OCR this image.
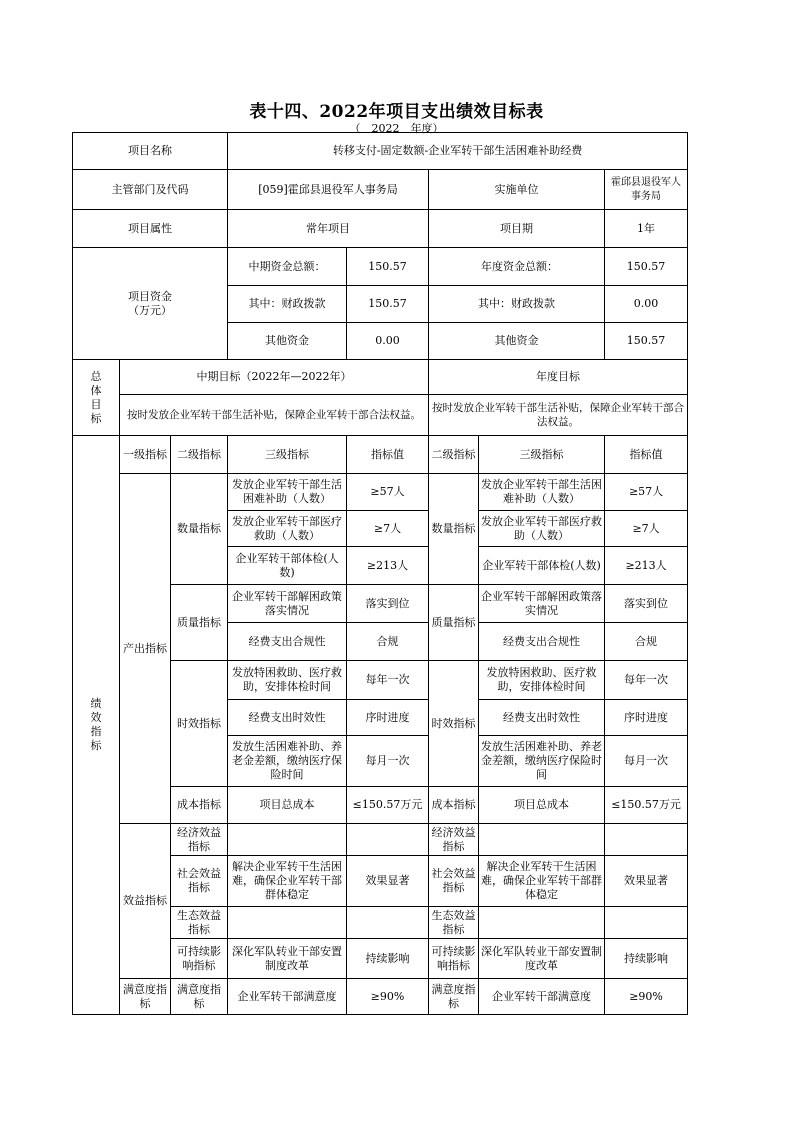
表十四、2022年项目支出绩效目标表
（　2022　年度）
项目名称			转移支付-固定数额-企业军转干部生活困难补助经费				
主管部门及代码			[059]霍邱县退役军人事务局		实施单位		霍邱县退役军人事务局
项目属性			常年项目		项目期		1年
项目资金
（万元）			中期资金总额：	150.57	年度资金总额：		150.57
			其中：财政拨款	150.57	其中：财政拨款		0.00
			其他资金	0.00	其他资金		150.57
总体目标	中期目标（2022年—2022年）				年度目标		
	按时发放企业军转干部生活补贴，保障企业军转干部合法权益。				按时发放企业军转干部生活补贴，保障企业军转干部合法权益。		
绩效指标	一级指标	二级指标	三级指标	指标值	二级指标	三级指标	指标值
	产出指标	数量指标	发放企业军转干部生活困难补助（人数）	≥57人	数量指标	发放企业军转干部生活困难补助（人数）	≥57人
			发放企业军转干部医疗救助（人数）	≥7人		发放企业军转干部医疗救助（人数）	≥7人
			企业军转干部体检(人数)	≥213人		企业军转干部体检(人数)	≥213人
		质量指标	企业军转干部解困政策落实情况	落实到位	质量指标	企业军转干部解困政策落实情况	落实到位
			经费支出合规性	合规		经费支出合规性	合规
		时效指标	发放特困救助、医疗救助，安排体检时间	每年一次	时效指标	发放特困救助、医疗救助，安排体检时间	每年一次
			经费支出时效性	序时进度		经费支出时效性	序时进度
			发放生活困难补助、养老金差额，缴纳医疗保险时间	每月一次		发放生活困难补助、养老金差额，缴纳医疗保险时间	每月一次
		成本指标	项目总成本	≤150.57万元	成本指标	项目总成本	≤150.57万元
	效益指标	经济效益指标			经济效益指标		
		社会效益指标	解决企业军转干生活困难，确保企业军转干部群体稳定	效果显著	社会效益指标	解决企业军转干生活困难，确保企业军转干部群体稳定	效果显著
		生态效益指标			生态效益指标		
		可持续影响指标	深化军队转业干部安置制度改革	持续影响	可持续影响指标	深化军队转业干部安置制度改革	持续影响
	满意度指标	满意度指标	企业军转干部满意度	≥90%	满意度指标	企业军转干部满意度	≥90%
